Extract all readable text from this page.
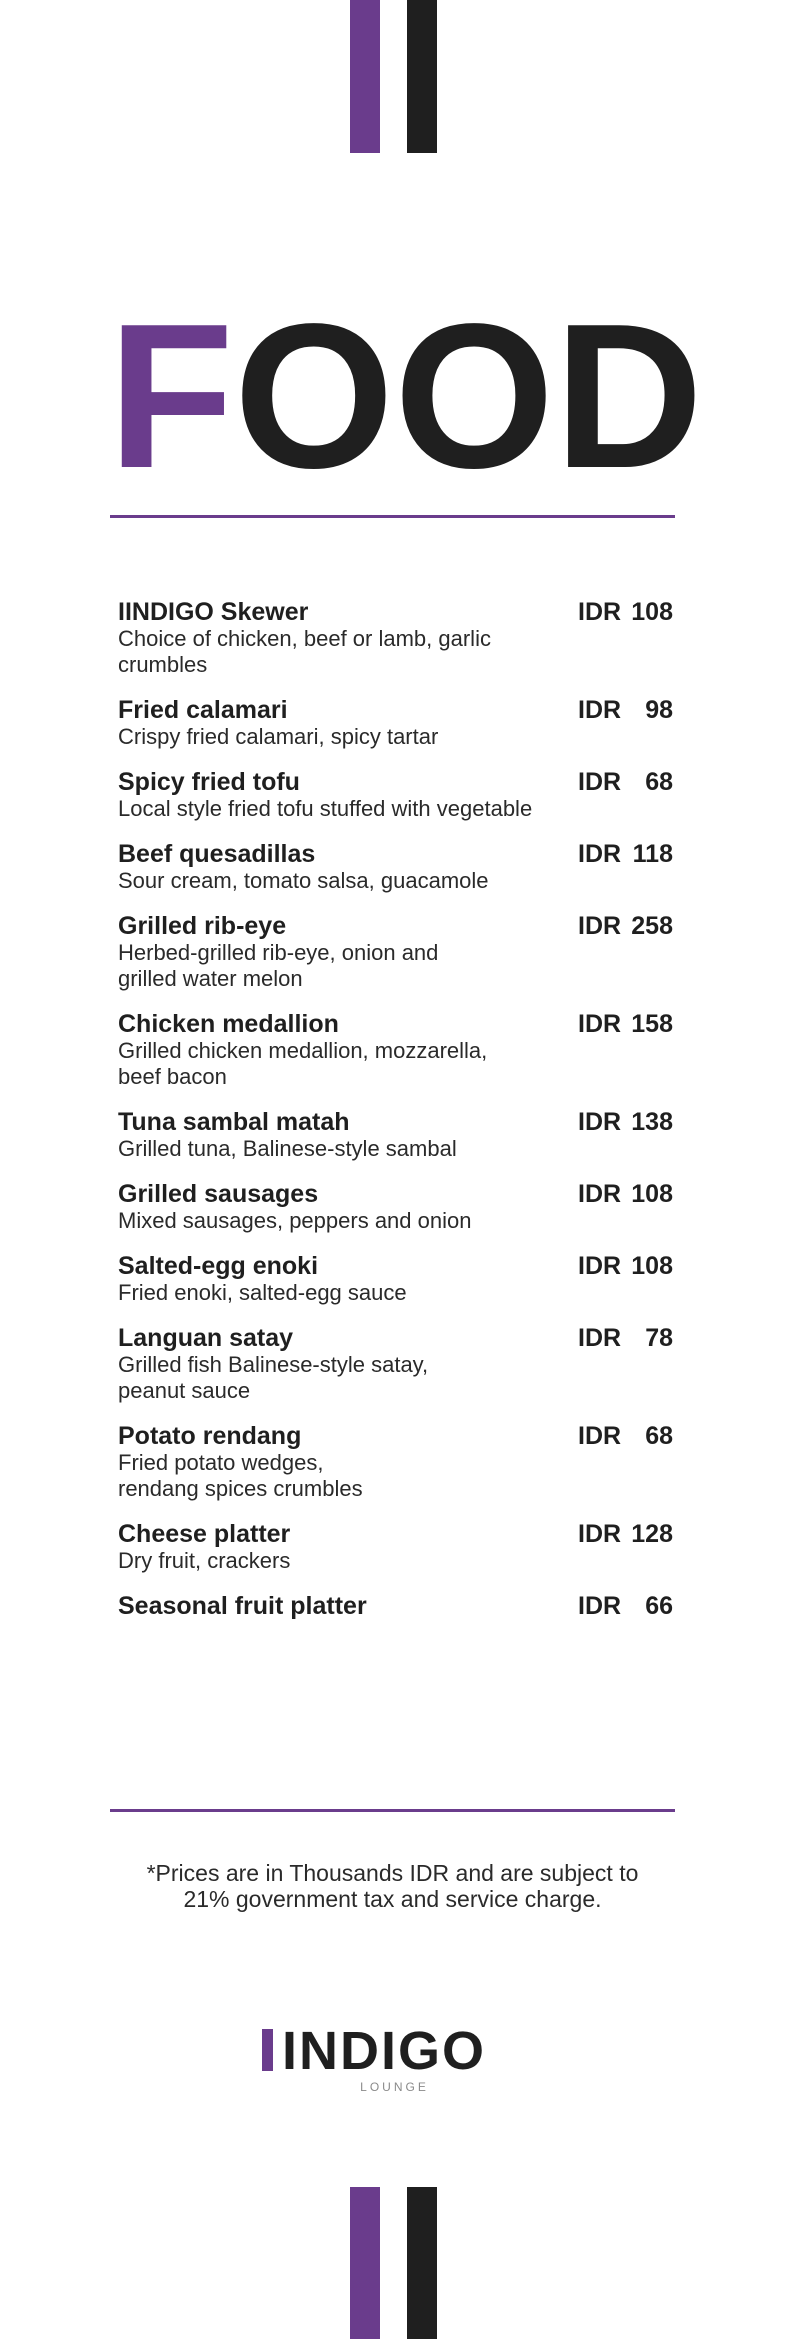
FOOD
IINDIGO Skewer
Choice of chicken, beef or lamb, garlic
crumbles
IDR 108
Fried calamari
Crispy fried calamari, spicy tartar
IDR 98
Spicy fried tofu
Local style fried tofu stuffed with vegetable
IDR 68
Beef quesadillas
Sour cream, tomato salsa, guacamole
IDR 118
Grilled rib-eye
Herbed-grilled rib-eye, onion and
grilled water melon
IDR 258
Chicken medallion
Grilled chicken medallion, mozzarella,
beef bacon
IDR 158
Tuna sambal matah
Grilled tuna, Balinese-style sambal
IDR 138
Grilled sausages
Mixed sausages, peppers and onion
IDR 108
Salted-egg enoki
Fried enoki, salted-egg sauce
IDR 108
Languan satay
Grilled fish Balinese-style satay,
peanut sauce
IDR 78
Potato rendang
Fried potato wedges,
rendang spices crumbles
IDR 68
Cheese platter
Dry fruit, crackers
IDR 128
Seasonal fruit platter	IDR 66
*Prices are in Thousands IDR and are subject to
21% government tax and service charge.
INDIGO
LOUNGE
